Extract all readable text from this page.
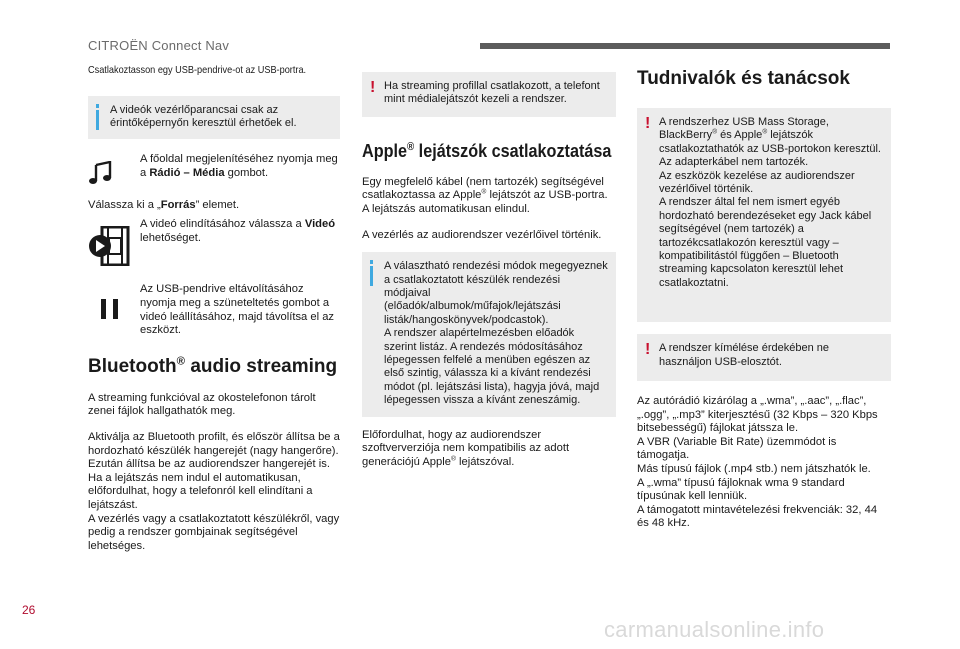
CITROËN Connect Nav

Csatlakoztasson egy USB-pendrive-ot az USB-portra.

A videók vezérlőparancsai csak az érintőképernyőn keresztül érhetőek el.

A főoldal megjelenítéséhez nyomja meg a Rádió – Média gombot.

Válassza ki a „Forrás” elemet.

A videó elindításához válassza a Videó lehetőséget.

Az USB-pendrive eltávolításához nyomja meg a szüneteltetés gombot a videó leállításához, majd távolítsa el az eszközt.

Bluetooth® audio streaming

A streaming funkcióval az okostelefonon tárolt zenei fájlok hallgathatók meg.

Aktiválja az Bluetooth profilt, és először állítsa be a hordozható készülék hangerejét (nagy hangerőre).
Ezután állítsa be az audiorendszer hangerejét is.
Ha a lejátszás nem indul el automatikusan, előfordulhat, hogy a telefonról kell elindítani a lejátszást.
A vezérlés vagy a csatlakoztatott készülékről, vagy pedig a rendszer gombjainak segítségével lehetséges.

! Ha streaming profillal csatlakozott, a telefont mint médialejátszót kezeli a rendszer.

Apple® lejátszók csatlakoztatása

Egy megfelelő kábel (nem tartozék) segítségével csatlakoztassa az Apple® lejátszót az USB-portra.
A lejátszás automatikusan elindul.

A vezérlés az audiorendszer vezérlőivel történik.

A választható rendezési módok megegyeznek a csatlakoztatott készülék rendezési módjaival (előadók/albumok/műfajok/lejátszási listák/hangoskönyvek/podcastok).
A rendszer alapértelmezésben előadók szerint listáz. A rendezés módosításához lépegessen felfelé a menüben egészen az első szintig, válassza ki a kívánt rendezési módot (pl. lejátszási lista), hagyja jóvá, majd lépegessen vissza a kívánt zeneszámig.

Előfordulhat, hogy az audiorendszer szoftververziója nem kompatibilis az adott generációjú Apple® lejátszóval.

Tudnivalók és tanácsok
! A rendszerhez USB Mass Storage, BlackBerry® és Apple® lejátszók csatlakoztathatók az USB-portokon keresztül. Az adapterkábel nem tartozék.
Az eszközök kezelése az audiorendszer vezérlőivel történik.
A rendszer által fel nem ismert egyéb hordozható berendezéseket egy Jack kábel segítségével (nem tartozék) a tartozékcsatlakozón keresztül vagy – kompatibilitástól függően – Bluetooth streaming kapcsolaton keresztül lehet csatlakoztatni.

! A rendszer kímélése érdekében ne használjon USB-elosztót.

Az autórádió kizárólag a „.wma”, „.aac”, „.flac”, „.ogg”, „.mp3” kiterjesztésű (32 Kbps – 320 Kbps bitsebességű) fájlokat játssza le.
A VBR (Variable Bit Rate) üzemmódot is támogatja.
Más típusú fájlok (.mp4 stb.) nem játszhatók le.
A „.wma” típusú fájloknak wma 9 standard típusúnak kell lenniük.
A támogatott mintavételezési frekvenciák: 32, 44 és 48 kHz.

26
carmanualsonline.info
